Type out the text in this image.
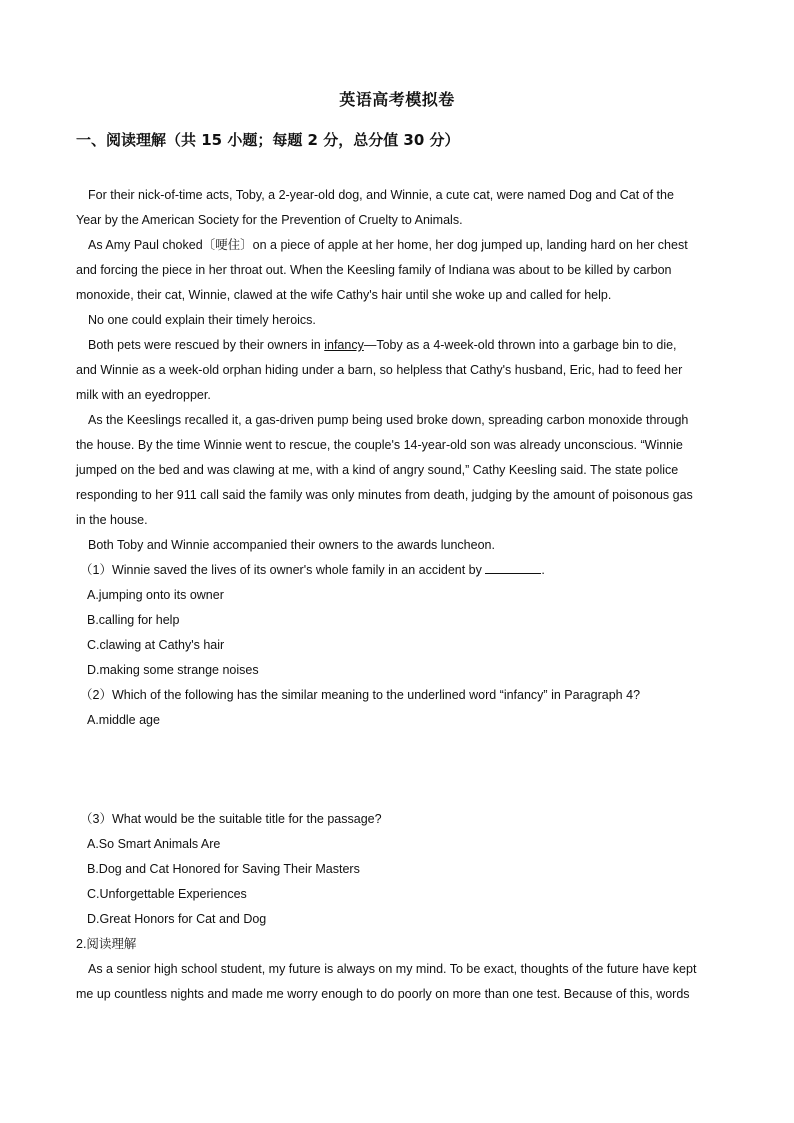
英语高考模拟卷
一、阅读理解（共 15 小题；每题 2 分，总分值 30 分）
For their nick-of-time acts, Toby, a 2-year-old dog, and Winnie, a cute cat, were named Dog and Cat of the
Year by the American Society for the Prevention of Cruelty to Animals.
As Amy Paul choked〔哽住〕on a piece of apple at her home, her dog jumped up, landing hard on her chest
and forcing the piece in her throat out. When the Keesling family of Indiana was about to be killed by carbon
monoxide, their cat, Winnie, clawed at the wife Cathy's hair until she woke up and called for help.
No one could explain their timely heroics.
Both pets were rescued by their owners in infancy—Toby as a 4-week-old thrown into a garbage bin to die,
and Winnie as a week-old orphan hiding under a barn, so helpless that Cathy's husband, Eric, had to feed her
milk with an eyedropper.
As the Keeslings recalled it, a gas-driven pump being used broke down, spreading carbon monoxide through
the house. By the time Winnie went to rescue, the couple's 14-year-old son was already unconscious. “Winnie
jumped on the bed and was clawing at me, with a kind of angry sound,” Cathy Keesling said. The state police
responding to her 911 call said the family was only minutes from death, judging by the amount of poisonous gas
in the house.
Both Toby and Winnie accompanied their owners to the awards luncheon.
（1）Winnie saved the lives of its owner's whole family in an accident by	.
A.jumping onto its owner
B.calling for help
C.clawing at Cathy's hair
D.making some strange noises
（2）Which of the following has the similar meaning to the underlined word “infancy” in Paragraph 4?
A.middle age
（3）What would be the suitable title for the passage?
A.So Smart Animals Are
B.Dog and Cat Honored for Saving Their Masters
C.Unforgettable Experiences
D.Great Honors for Cat and Dog
2.阅读理解
As a senior high school student, my future is always on my mind. To be exact, thoughts of the future have kept
me up countless nights and made me worry enough to do poorly on more than one test. Because of this, words
